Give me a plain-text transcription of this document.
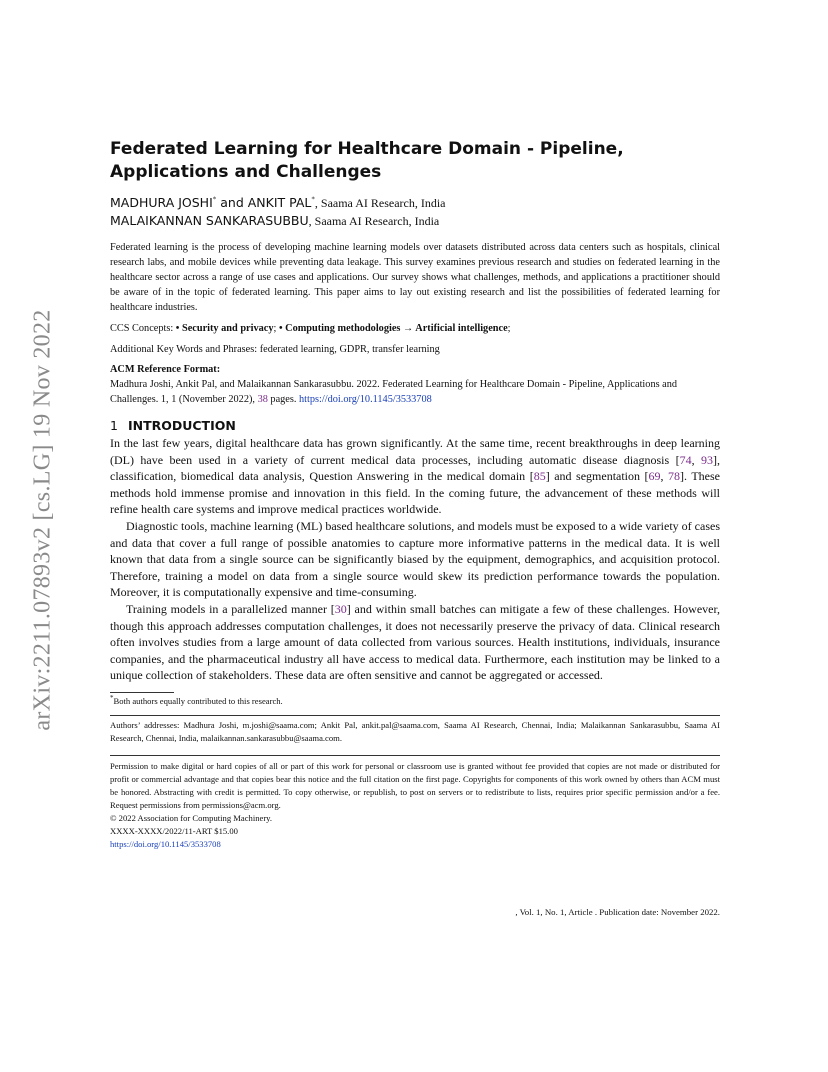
arXiv:2211.07893v2 [cs.LG] 19 Nov 2022
Federated Learning for Healthcare Domain - Pipeline, Applications and Challenges
MADHURA JOSHI* and ANKIT PAL*, Saama AI Research, India
MALAIKANNAN SANKARASUBBU, Saama AI Research, India
Federated learning is the process of developing machine learning models over datasets distributed across data centers such as hospitals, clinical research labs, and mobile devices while preventing data leakage. This survey examines previous research and studies on federated learning in the healthcare sector across a range of use cases and applications. Our survey shows what challenges, methods, and applications a practitioner should be aware of in the topic of federated learning. This paper aims to lay out existing research and list the possibilities of federated learning for healthcare industries.
CCS Concepts: • Security and privacy; • Computing methodologies → Artificial intelligence;
Additional Key Words and Phrases: federated learning, GDPR, transfer learning
ACM Reference Format:
Madhura Joshi, Ankit Pal, and Malaikannan Sankarasubbu. 2022. Federated Learning for Healthcare Domain - Pipeline, Applications and Challenges. 1, 1 (November 2022), 38 pages. https://doi.org/10.1145/3533708
1 INTRODUCTION

In the last few years, digital healthcare data has grown significantly. At the same time, recent breakthroughs in deep learning (DL) have been used in a variety of current medical data processes, including automatic disease diagnosis [74, 93], classification, biomedical data analysis, Question Answering in the medical domain [85] and segmentation [69, 78]. These methods hold immense promise and innovation in this field. In the coming future, the advancement of these methods will refine health care systems and improve medical practices worldwide.

Diagnostic tools, machine learning (ML) based healthcare solutions, and models must be exposed to a wide variety of cases and data that cover a full range of possible anatomies to capture more informative patterns in the medical data. It is well known that data from a single source can be significantly biased by the equipment, demographics, and acquisition protocol. Therefore, training a model on data from a single source would skew its prediction performance towards the population. Moreover, it is computationally expensive and time-consuming.

Training models in a parallelized manner [30] and within small batches can mitigate a few of these challenges. However, though this approach addresses computation challenges, it does not necessarily preserve the privacy of data. Clinical research often involves studies from a large amount of data collected from various sources. Health institutions, individuals, insurance companies, and the pharmaceutical industry all have access to medical data. Furthermore, each institution may be linked to a unique collection of stakeholders. These data are often sensitive and cannot be aggregated or accessed.

*Both authors equally contributed to this research.
Authors’ addresses: Madhura Joshi, m.joshi@saama.com; Ankit Pal, ankit.pal@saama.com, Saama AI Research, Chennai, India; Malaikannan Sankarasubbu, Saama AI Research, Chennai, India, malaikannan.sankarasubbu@saama.com.
Permission to make digital or hard copies of all or part of this work for personal or classroom use is granted without fee provided that copies are not made or distributed for profit or commercial advantage and that copies bear this notice and the full citation on the first page. Copyrights for components of this work owned by others than ACM must be honored. Abstracting with credit is permitted. To copy otherwise, or republish, to post on servers or to redistribute to lists, requires prior specific permission and/or a fee. Request permissions from permissions@acm.org.
© 2022 Association for Computing Machinery.
XXXX-XXXX/2022/11-ART $15.00
https://doi.org/10.1145/3533708
, Vol. 1, No. 1, Article . Publication date: November 2022.
